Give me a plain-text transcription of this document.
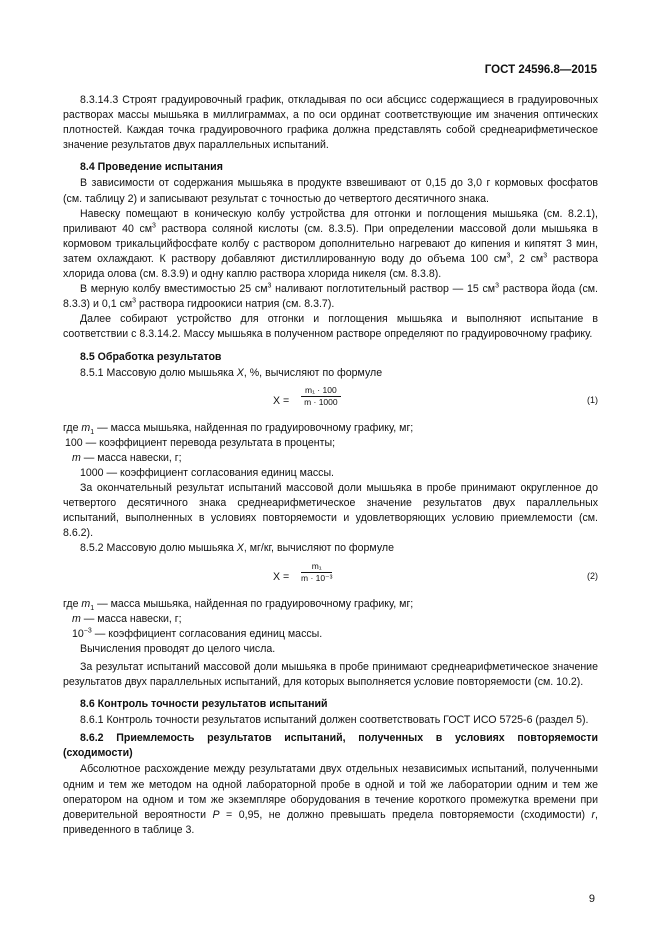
ГОСТ 24596.8—2015

8.3.14.3 Строят градуировочный график, откладывая по оси абсцисс содержащиеся в градуировочных растворах массы мышьяка в миллиграммах, а по оси ординат соответствующие им значения оптических плотностей. Каждая точка градуировочного графика должна представлять собой среднеарифметическое значение результатов двух параллельных испытаний.

8.4 Проведение испытания

В зависимости от содержания мышьяка в продукте взвешивают от 0,15 до 3,0 г кормовых фосфатов (см. таблицу 2) и записывают результат с точностью до четвертого десятичного знака.

Навеску помещают в коническую колбу устройства для отгонки и поглощения мышьяка (см. 8.2.1), приливают 40 $см^3$ раствора соляной кислоты (см. 8.3.5). При определении массовой доли мышьяка в кормовом трикальцийфосфате колбу с раствором дополнительно нагревают до кипения и кипятят 3 мин, затем охлаждают. К раствору добавляют дистиллированную воду до объема 100 $см^3$, 2 $см^3$ раствора хлорида олова (см. 8.3.9) и одну каплю раствора хлорида никеля (см. 8.3.8).

В мерную колбу вместимостью 25 $см^3$ наливают поглотительный раствор — 15 $см^3$ раствора йода (см. 8.3.3) и 0,1 $см^3$ раствора гидроокиси натрия (см. 8.3.7).

Далее собирают устройство для отгонки и поглощения мышьяка и выполняют испытание в соответствии с 8.3.14.2. Массу мышьяка в полученном растворе определяют по градуировочному графику.

8.5 Обработка результатов

8.5.1 Массовую долю мышьяка X, %, вычисляют по формуле

$X = \frac{\text{m₁ · 100}}{m \cdot 1000}$	(1)

где $m_1$ — масса мышьяка, найденная по градуировочному графику, мг;

100 — коэффициент перевода результата в проценты;

m — масса навески, г;

1000 — коэффициент согласования единиц массы.

За окончательный результат испытаний массовой доли мышьяка в пробе принимают округленное до четвертого десятичного знака среднеарифметическое значение результатов двух параллельных испытаний, выполненных в условиях повторяемости и удовлетворяющих условию приемлемости (см. 8.6.2).

8.5.2 Массовую долю мышьяка X, мг/кг, вычисляют по формуле

$X = \frac{\text{m₁}}{\text{m · 10⁻³}}$	(2)

где $m_1$ — масса мышьяка, найденная по градуировочному графику, мг;

m — масса навески, г;

$10^{-3}$ — коэффициент согласования единиц массы.

Вычисления проводят до целого числа.

За результат испытаний массовой доли мышьяка в пробе принимают среднеарифметическое значение результатов двух параллельных испытаний, для которых выполняется условие повторяемости (см. 10.2).

8.6 Контроль точности результатов испытаний

8.6.1 Контроль точности результатов испытаний должен соответствовать ГОСТ ИСО 5725-6 (раздел 5).

8.6.2 Приемлемость результатов испытаний, полученных в условиях повторяемости (сходимости)

Абсолютное расхождение между результатами двух отдельных независимых испытаний, полученными одним и тем же методом на одной лабораторной пробе в одной и той же лаборатории одним и тем же оператором на одном и том же экземпляре оборудования в течение короткого промежутка времени при доверительной вероятности P = 0,95, не должно превышать предела повторяемости (сходимости) r, приведенного в таблице 3.

9
